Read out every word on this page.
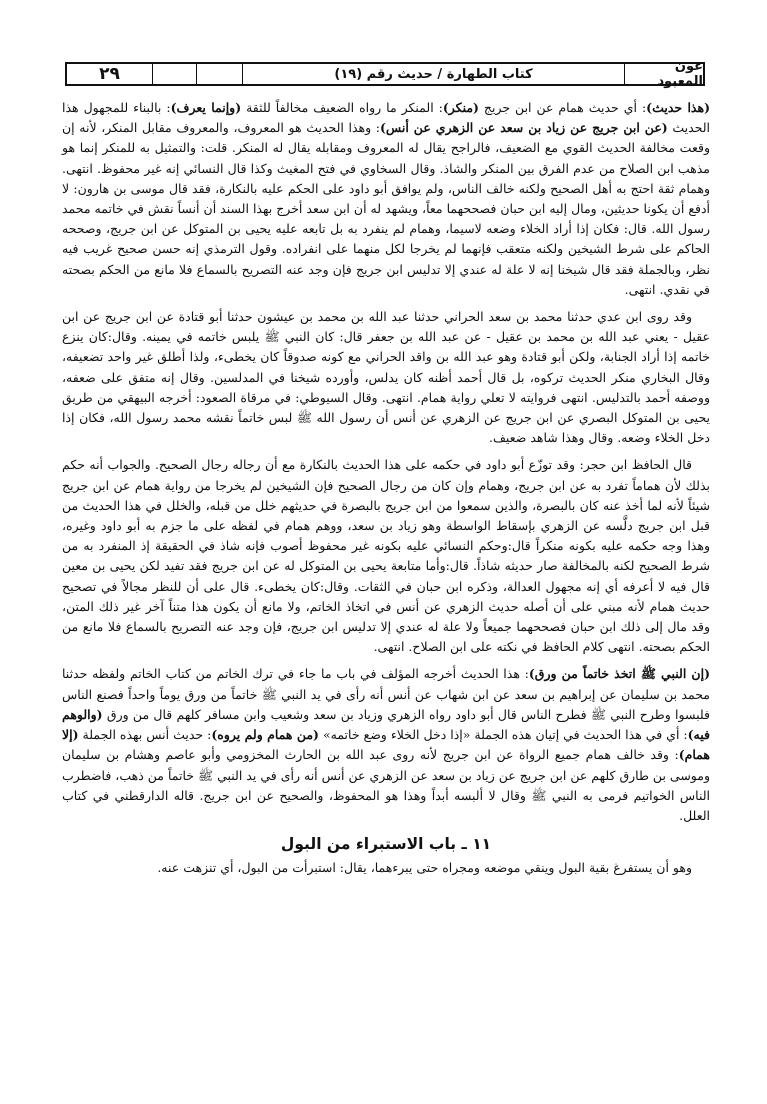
٢٩	كتاب الطهارة / حديث رقم (١٩)	عون المعبود

(هذا حديث): أي حديث همام عن ابن جريج (منكر): المنكر ما رواه الضعيف مخالفاً للثقة (وإنما يعرف): بالبناء للمجهول هذا الحديث (عن ابن جريج عن زياد بن سعد عن الزهري عن أنس): وهذا الحديث هو المعروف، والمعروف مقابل المنكر، لأنه إن وقعت مخالفة الحديث القوي مع الضعيف، فالراجح يقال له المعروف ومقابله يقال له المنكر. قلت: والتمثيل به للمنكر إنما هو مذهب ابن الصلاح من عدم الفرق بين المنكر والشاذ. وقال السخاوي في فتح المغيث وكذا قال النسائي إنه غير محفوظ. انتهى. وهمام ثقة احتج به أهل الصحيح ولكنه خالف الناس، ولم يوافق أبو داود على الحكم عليه بالنكارة، فقد قال موسى بن هارون: لا أدفع أن يكونا حديثين، ومال إليه ابن حبان فصححهما معاً، ويشهد له أن ابن سعد أخرج بهذا السند أن أنساً نقش في خاتمه محمد رسول الله. قال: فكان إذا أراد الخلاء وضعه لاسيما، وهمام لم ينفرد به بل تابعه عليه يحيى بن المتوكل عن ابن جريج، وصححه الحاكم على شرط الشيخين ولكنه متعقب فإنهما لم يخرجا لكل منهما على انفراده. وقول الترمذي إنه حسن صحيح غريب فيه نظر، وبالجملة فقد قال شيخنا إنه لا علة له عندي إلا تدليس ابن جريج فإن وجد عنه التصريح بالسماع فلا مانع من الحكم بصحته في نقدي. انتهى.

وقد روى ابن عدي حدثنا محمد بن سعد الحراني حدثنا عبد الله بن محمد بن عيشون حدثنا أبو قتادة عن ابن جريج عن ابن عقيل - يعني عبد الله بن محمد بن عقيل - عن عبد الله بن جعفر قال: كان النبي ﷺ يلبس خاتمه في يمينه. وقال:كان ينزع خاتمه إذا أراد الجنابة، ولكن أبو قتادة وهو عبد الله بن واقد الحراني مع كونه صدوقاً كان يخطىء، ولذا أطلق غير واحد تضعيفه، وقال البخاري منكر الحديث تركوه، بل قال أحمد أظنه كان يدلس، وأورده شيخنا في المدلسين. وقال إنه متفق على ضعفه، ووصفه أحمد بالتدليس. انتهى فروايته لا تعلي رواية همام. انتهى. وقال السيوطي: في مرقاة الصعود: أخرجه البيهقي من طريق يحيى بن المتوكل البصري عن ابن جريج عن الزهري عن أنس أن رسول الله ﷺ لبس خاتماً نقشه محمد رسول الله، فكان إذا دخل الخلاء وضعه. وقال وهذا شاهد ضعيف.

قال الحافظ ابن حجر: وقد توزّع أبو داود في حكمه على هذا الحديث بالنكارة مع أن رجاله رجال الصحيح. والجواب أنه حكم بذلك لأن هماماً تفرد به عن ابن جريج، وهمام وإن كان من رجال الصحيح فإن الشيخين لم يخرجا من رواية همام عن ابن جريج شيئاً لأنه لما أخذ عنه كان بالبصرة، والذين سمعوا من ابن جريج بالبصرة في حديثهم خلل من قبله، والخلل في هذا الحديث من قبل ابن جريج دلَّسه عن الزهري بإسقاط الواسطة وهو زياد بن سعد، ووهم همام في لفظه على ما جزم به أبو داود وغيره، وهذا وجه حكمه عليه بكونه منكراً قال:وحكم النسائي عليه بكونه غير محفوظ أصوب فإنه شاذ في الحقيقة إذ المنفرد به من شرط الصحيح لكنه بالمخالفة صار حديثه شاذاً. قال:وأما متابعة يحيى بن المتوكل له عن ابن جريج فقد تفيد لكن يحيى بن معين قال فيه لا أعرفه أي إنه مجهول العدالة، وذكره ابن حبان في الثقات. وقال:كان يخطىء. قال على أن للنظر مجالاً في تصحيح حديث همام لأنه مبني على أن أصله حديث الزهري عن أنس في اتخاذ الخاتم، ولا مانع أن يكون هذا متناً آخر غير ذلك المتن، وقد مال إلى ذلك ابن حبان فصححهما جميعاً ولا علة له عندي إلا تدليس ابن جريج، فإن وجد عنه التصريح بالسماع فلا مانع من الحكم بصحته. انتهى كلام الحافظ في نكته على ابن الصلاح. انتهى.

(إن النبي ﷺ اتخذ خاتماً من ورق): هذا الحديث أخرجه المؤلف في باب ما جاء في ترك الخاتم من كتاب الخاتم ولفظه حدثنا محمد بن سليمان عن إبراهيم بن سعد عن ابن شهاب عن أنس أنه رأى في يد النبي ﷺ خاتماً من ورق يوماً واحداً فصنع الناس فلبسوا وطرح النبي ﷺ فطرح الناس قال أبو داود رواه الزهري وزياد بن سعد وشعيب وابن مسافر كلهم قال من ورق (والوهم فيه): أي في هذا الحديث في إتيان هذه الجملة «إذا دخل الخلاء وضع خاتمه» (من همام ولم يروه): حديث أنس بهذه الجملة (إلا همام): وقد خالف همام جميع الرواة عن ابن جريج لأنه روى عبد الله بن الحارث المخزومي وأبو عاصم وهشام بن سليمان وموسى بن طارق كلهم عن ابن جريج عن زياد بن سعد عن الزهري عن أنس أنه رأى في يد النبي ﷺ خاتماً من ذهب، فاضطرب الناس الخواتيم فرمى به النبي ﷺ وقال لا ألبسه أبداً وهذا هو المحفوظ، والصحيح عن ابن جريج. قاله الدارقطني في كتاب العلل.

١١ ـ باب الاستبراء من البول

وهو أن يستفرغ بقية البول وينقي موضعه ومجراه حتى يبرءهما، يقال: استبرأت من البول، أي تنزهت عنه.
